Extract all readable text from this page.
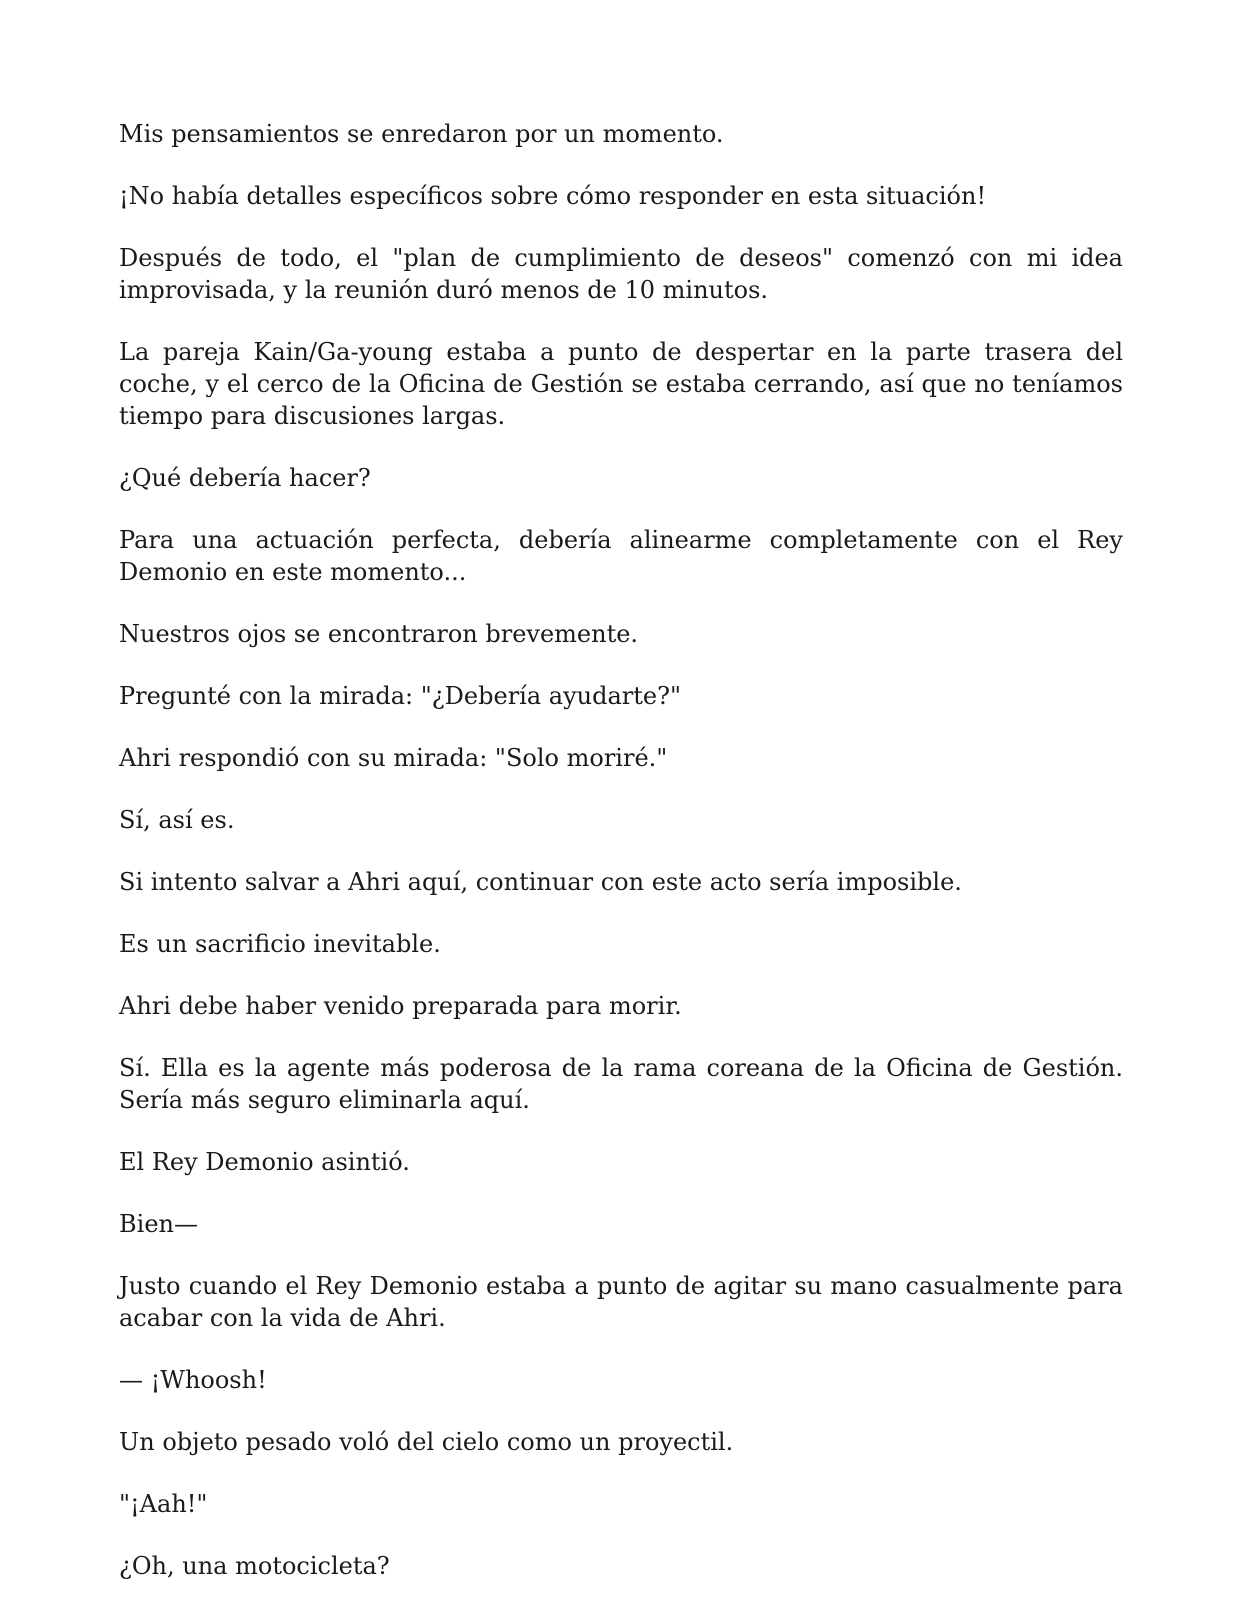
Mis pensamientos se enredaron por un momento.

¡No había detalles específicos sobre cómo responder en esta situación!

Después de todo, el "plan de cumplimiento de deseos" comenzó con mi idea improvisada, y la reunión duró menos de 10 minutos.

La pareja Kain/Ga-young estaba a punto de despertar en la parte trasera del coche, y el cerco de la Oficina de Gestión se estaba cerrando, así que no teníamos tiempo para discusiones largas.

¿Qué debería hacer?

Para una actuación perfecta, debería alinearme completamente con el Rey Demonio en este momento...

Nuestros ojos se encontraron brevemente.

Pregunté con la mirada: "¿Debería ayudarte?"

Ahri respondió con su mirada: "Solo moriré."

Sí, así es.

Si intento salvar a Ahri aquí, continuar con este acto sería imposible.

Es un sacrificio inevitable.

Ahri debe haber venido preparada para morir.

Sí. Ella es la agente más poderosa de la rama coreana de la Oficina de Gestión. Sería más seguro eliminarla aquí.

El Rey Demonio asintió.

Bien—

Justo cuando el Rey Demonio estaba a punto de agitar su mano casualmente para acabar con la vida de Ahri.

— ¡Whoosh!

Un objeto pesado voló del cielo como un proyectil.

"¡Aah!"

¿Oh, una motocicleta?
